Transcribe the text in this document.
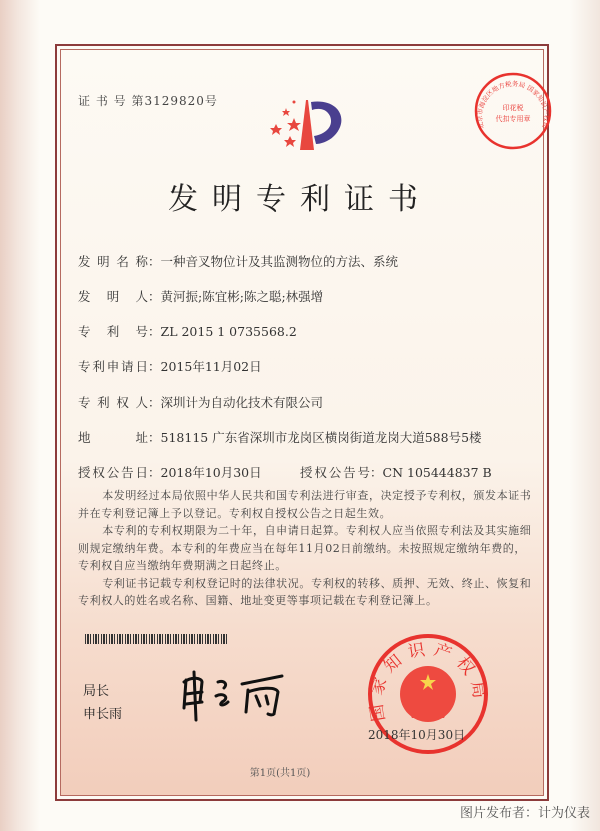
证 书 号 第3129820号
发明专利证书
发明名称：一种音叉物位计及其监测物位的方法、系统
发明人：黄河振;陈宜彬;陈之聪;林强增
专利号：ZL 2015 1 0735568.2
专利申请日：2015年11月02日
专利权人：深圳计为自动化技术有限公司
地址：518115 广东省深圳市龙岗区横岗街道龙岗大道588号5楼
授权公告日：2018年10月30日	授权公告号：CN 105444837 B

本发明经过本局依照中华人民共和国专利法进行审查，决定授予专利权，颁发本证书并在专利登记簿上予以登记。专利权自授权公告之日起生效。

本专利的专利权期限为二十年，自申请日起算。专利权人应当依照专利法及其实施细则规定缴纳年费。本专利的年费应当在每年11月02日前缴纳。未按照规定缴纳年费的，专利权自应当缴纳年费期满之日起终止。

专利证书记载专利权登记时的法律状况。专利权的转移、质押、无效、终止、恢复和专利权人的姓名或名称、国籍、地址变更等事项记载在专利登记簿上。

局长
申长雨	国家知识产权局
2018年10月30日
北京市海淀区地方税务局 国家知识产权局
印花税
代扣专用章
第1页(共1页)
图片发布者：计为仪表
